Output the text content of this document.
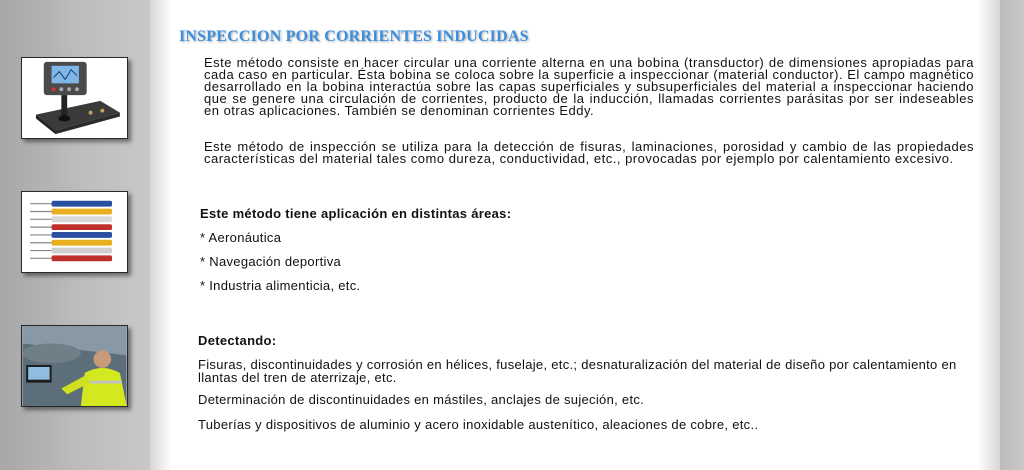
INSPECCION POR CORRIENTES INDUCIDAS

Este método consiste en hacer circular una corriente alterna en una bobina (transductor) de dimensiones apropiadas para cada caso en particular. Ésta bobina se coloca sobre la superficie a inspeccionar (material conductor). El campo magnético desarrollado en la bobina interactúa sobre las capas superficiales y subsuperficiales del material a inspeccionar haciendo que se genere una circulación de corrientes, producto de la inducción, llamadas corrientes parásitas por ser indeseables en otras aplicaciones. También se denominan corrientes Eddy.

Este método de inspección se utiliza para la detección de fisuras, laminaciones, porosidad y cambio de las propiedades características del material tales como dureza, conductividad, etc., provocadas por ejemplo por calentamiento excesivo.

Este método tiene aplicación en distintas áreas:

* Aeronáutica

* Navegación deportiva

* Industria alimenticia, etc.

Detectando:

Fisuras, discontinuidades y corrosión en hélices, fuselaje, etc.; desnaturalización del material de diseño por calentamiento en llantas del tren de aterrizaje, etc.

Determinación de discontinuidades en mástiles, anclajes de sujeción, etc.

Tuberías y dispositivos de aluminio y acero inoxidable austenítico, aleaciones de cobre, etc..
